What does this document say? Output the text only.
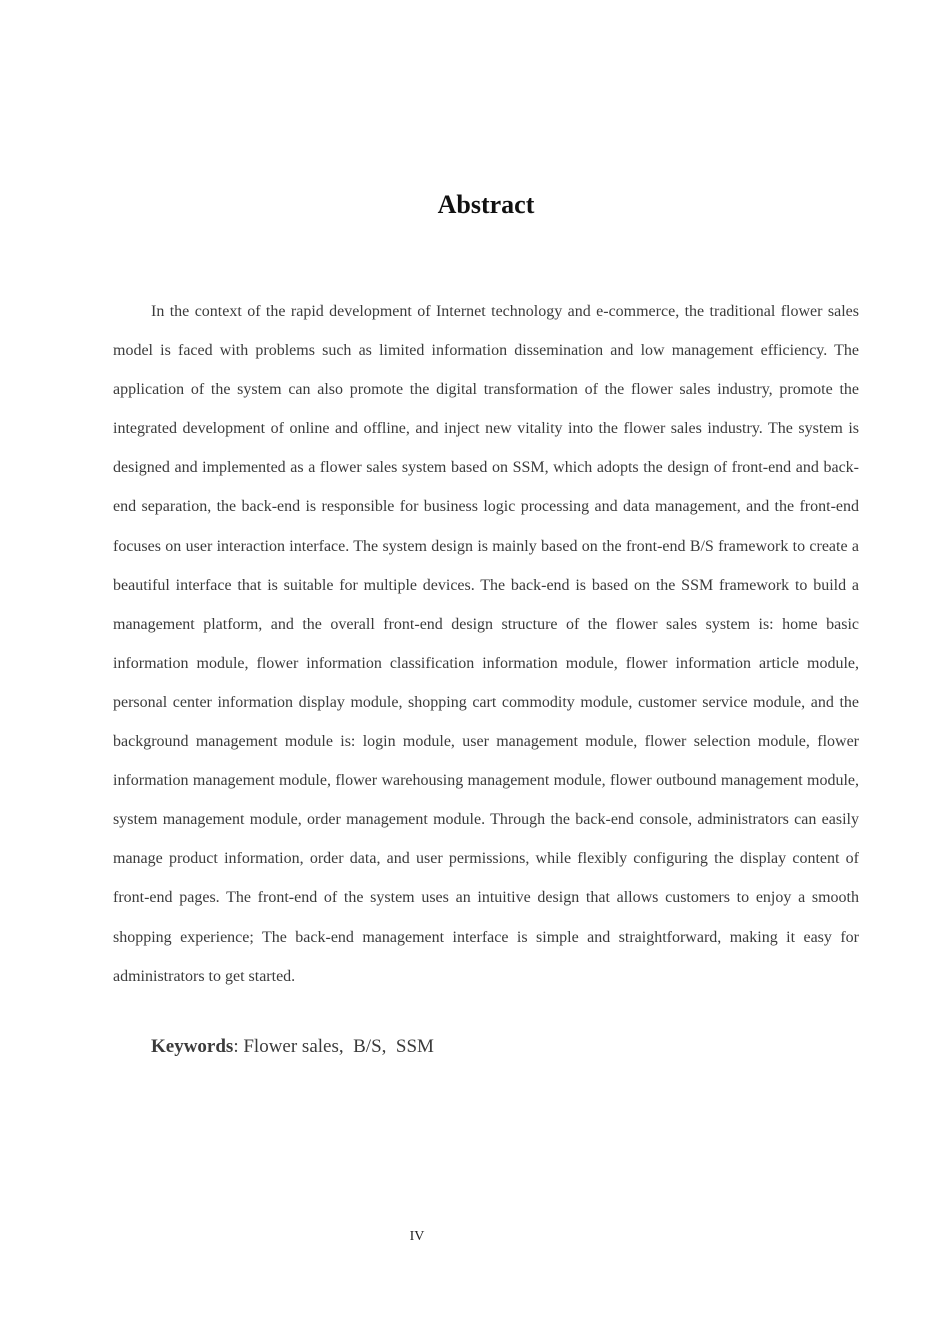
Abstract

In the context of the rapid development of Internet technology and e-commerce, the traditional flower sales model is faced with problems such as limited information dissemination and low management efficiency. The application of the system can also promote the digital transformation of the flower sales industry, promote the integrated development of online and offline, and inject new vitality into the flower sales industry. The system is designed and implemented as a flower sales system based on SSM, which adopts the design of front-end and back-end separation, the back-end is responsible for business logic processing and data management, and the front-end focuses on user interaction interface. The system design is mainly based on the front-end B/S framework to create a beautiful interface that is suitable for multiple devices. The back-end is based on the SSM framework to build a management platform, and the overall front-end design structure of the flower sales system is: home basic information module, flower information classification information module, flower information article module, personal center information display module, shopping cart commodity module, customer service module, and the background management module is: login module, user management module, flower selection module, flower information management module, flower warehousing management module, flower outbound management module, system management module, order management module. Through the back-end console, administrators can easily manage product information, order data, and user permissions, while flexibly configuring the display content of front-end pages. The front-end of the system uses an intuitive design that allows customers to enjoy a smooth shopping experience; The back-end management interface is simple and straightforward, making it easy for administrators to get started.

Keywords: Flower sales,  B/S,  SSM

IV
